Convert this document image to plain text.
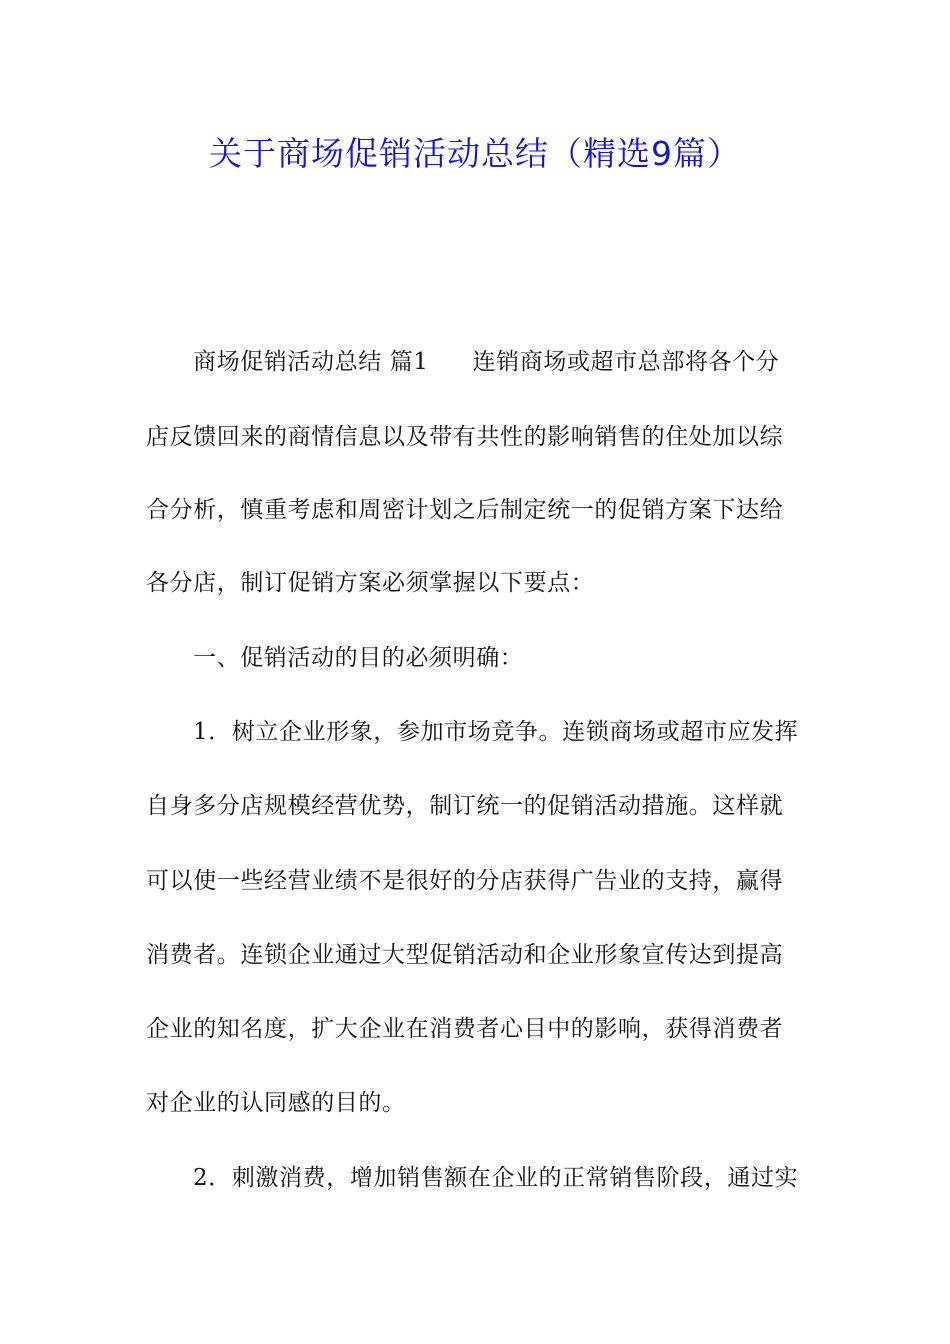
关于商场促销活动总结（精选9篇）

商场促销活动总结 篇1 连销商场或超市总部将各个分

店反馈回来的商情信息以及带有共性的影响销售的住处加以综

合分析，慎重考虑和周密计划之后制定统一的促销方案下达给

各分店，制订促销方案必须掌握以下要点：

一、促销活动的目的必须明确：

1．树立企业形象，参加市场竞争。连锁商场或超市应发挥

自身多分店规模经营优势，制订统一的促销活动措施。这样就

可以使一些经营业绩不是很好的分店获得广告业的支持，赢得

消费者。连锁企业通过大型促销活动和企业形象宣传达到提高

企业的知名度，扩大企业在消费者心目中的影响，获得消费者

对企业的认同感的目的。

2．刺激消费，增加销售额在企业的正常销售阶段，通过实
